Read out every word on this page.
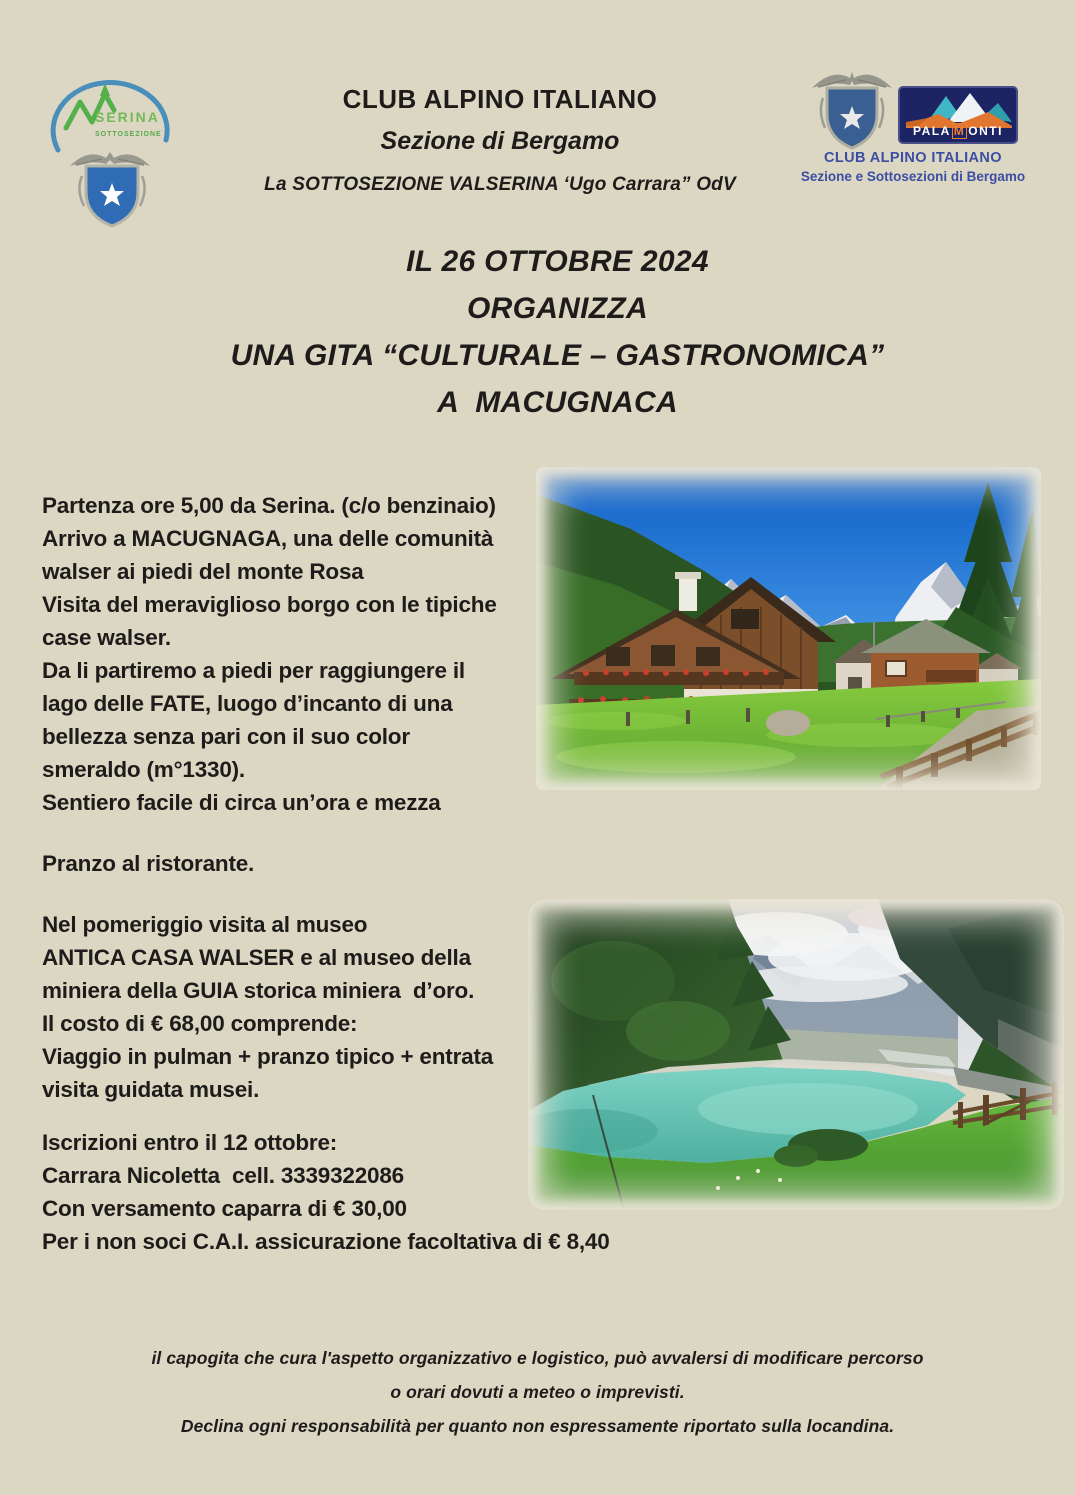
SERINA
SOTTOSEZIONE
CLUB ALPINO ITALIANO
Sezione di Bergamo
La SOTTOSEZIONE VALSERINA ‘Ugo Carrara” OdV
PALA M ONTI
CLUB ALPINO ITALIANO
Sezione e Sottosezioni di Bergamo
IL 26 OTTOBRE 2024
ORGANIZZA
UNA GITA “CULTURALE – GASTRONOMICA”
A  MACUGNACA
Partenza ore 5,00 da Serina. (c/o benzinaio)
Arrivo a MACUGNAGA, una delle comunità
walser ai piedi del monte Rosa
Visita del meraviglioso borgo con le tipiche
case walser.
Da li partiremo a piedi per raggiungere il
lago delle FATE, luogo d’incanto di una
bellezza senza pari con il suo color
smeraldo (m°1330).
Sentiero facile di circa un’ora e mezza
Pranzo al ristorante.
Nel pomeriggio visita al museo
ANTICA CASA WALSER e al museo della
miniera della GUIA storica miniera  d’oro.
Il costo di € 68,00 comprende:
Viaggio in pulman + pranzo tipico + entrata
visita guidata musei.
Iscrizioni entro il 12 ottobre:
Carrara Nicoletta  cell. 3339322086
Con versamento caparra di € 30,00
Per i non soci C.A.I. assicurazione facoltativa di € 8,40
il capogita che cura l'aspetto organizzativo e logistico, può avvalersi di modificare percorso
o orari dovuti a meteo o imprevisti.
Declina ogni responsabilità per quanto non espressamente riportato sulla locandina.
